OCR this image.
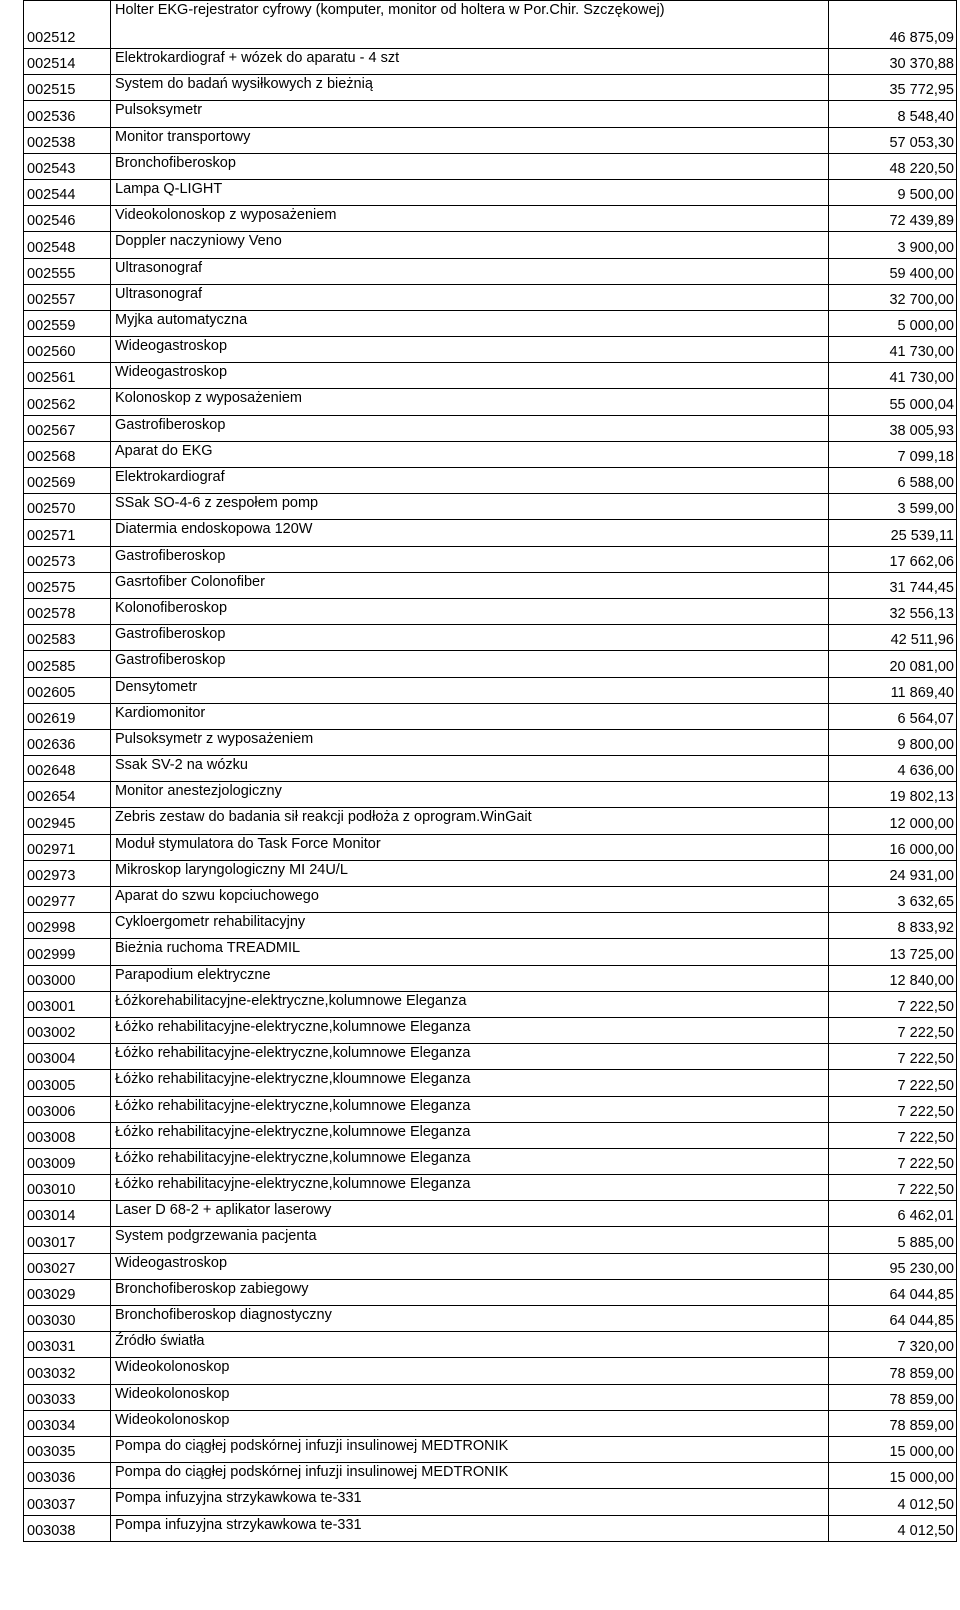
002512	Holter EKG-rejestrator cyfrowy (komputer, monitor od holtera w Por.Chir. Szczękowej)	46 875,09
002514	Elektrokardiograf + wózek do aparatu - 4 szt	30 370,88
002515	System do badań wysiłkowych z bieżnią	35 772,95
002536	Pulsoksymetr	8 548,40
002538	Monitor transportowy	57 053,30
002543	Bronchofiberoskop	48 220,50
002544	Lampa Q-LIGHT	9 500,00
002546	Videokolonoskop z wyposażeniem	72 439,89
002548	Doppler naczyniowy Veno	3 900,00
002555	Ultrasonograf	59 400,00
002557	Ultrasonograf	32 700,00
002559	Myjka automatyczna	5 000,00
002560	Wideogastroskop	41 730,00
002561	Wideogastroskop	41 730,00
002562	Kolonoskop z wyposażeniem	55 000,04
002567	Gastrofiberoskop	38 005,93
002568	Aparat do EKG	7 099,18
002569	Elektrokardiograf	6 588,00
002570	SSak SO-4-6 z zespołem pomp	3 599,00
002571	Diatermia endoskopowa 120W	25 539,11
002573	Gastrofiberoskop	17 662,06
002575	Gasrtofiber Colonofiber	31 744,45
002578	Kolonofiberoskop	32 556,13
002583	Gastrofiberoskop	42 511,96
002585	Gastrofiberoskop	20 081,00
002605	Densytometr	11 869,40
002619	Kardiomonitor	6 564,07
002636	Pulsoksymetr z wyposażeniem	9 800,00
002648	Ssak SV-2 na wózku	4 636,00
002654	Monitor anestezjologiczny	19 802,13
002945	Zebris zestaw do badania sił reakcji podłoża z oprogram.WinGait	12 000,00
002971	Moduł stymulatora do Task Force Monitor	16 000,00
002973	Mikroskop laryngologiczny MI 24U/L	24 931,00
002977	Aparat do szwu kopciuchowego	3 632,65
002998	Cykloergometr rehabilitacyjny	8 833,92
002999	Bieżnia ruchoma TREADMIL	13 725,00
003000	Parapodium elektryczne	12 840,00
003001	Łóżkorehabilitacyjne-elektryczne,kolumnowe Eleganza	7 222,50
003002	Łóżko rehabilitacyjne-elektryczne,kolumnowe Eleganza	7 222,50
003004	Łóżko rehabilitacyjne-elektryczne,kolumnowe Eleganza	7 222,50
003005	Łóżko rehabilitacyjne-elektryczne,kloumnowe Eleganza	7 222,50
003006	Łóżko rehabilitacyjne-elektryczne,kolumnowe Eleganza	7 222,50
003008	Łóżko rehabilitacyjne-elektryczne,kolumnowe Eleganza	7 222,50
003009	Łóżko rehabilitacyjne-elektryczne,kolumnowe Eleganza	7 222,50
003010	Łóżko rehabilitacyjne-elektryczne,kolumnowe Eleganza	7 222,50
003014	Laser D 68-2 + aplikator laserowy	6 462,01
003017	System podgrzewania pacjenta	5 885,00
003027	Wideogastroskop	95 230,00
003029	Bronchofiberoskop zabiegowy	64 044,85
003030	Bronchofiberoskop diagnostyczny	64 044,85
003031	Źródło światła	7 320,00
003032	Wideokolonoskop	78 859,00
003033	Wideokolonoskop	78 859,00
003034	Wideokolonoskop	78 859,00
003035	Pompa do ciągłej podskórnej infuzji insulinowej MEDTRONIK	15 000,00
003036	Pompa do ciągłej podskórnej infuzji insulinowej MEDTRONIK	15 000,00
003037	Pompa infuzyjna strzykawkowa te-331	4 012,50
003038	Pompa infuzyjna strzykawkowa te-331	4 012,50
